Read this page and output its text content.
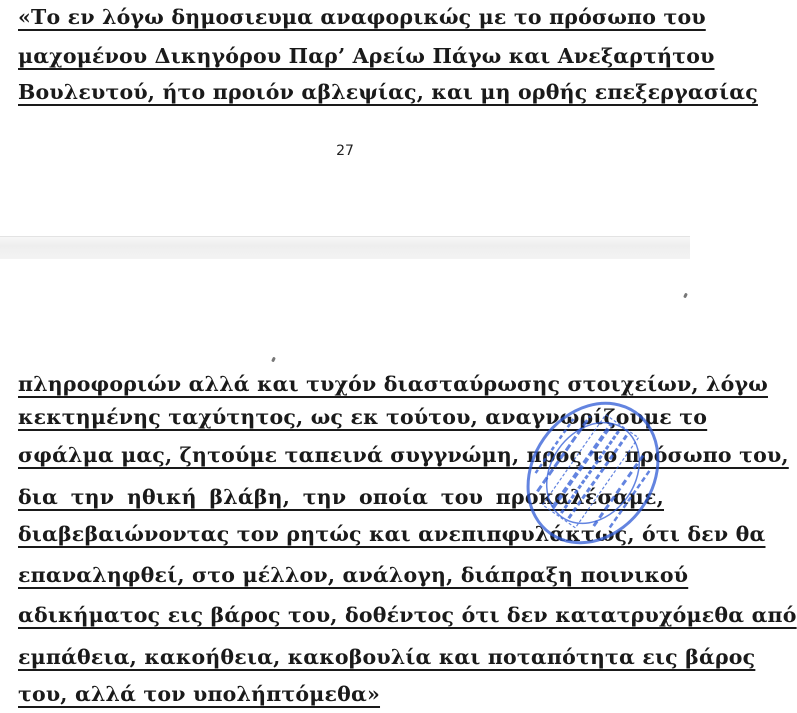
«Το εν λόγω δημοσιευμα αναφορικώς με το πρόσωπο του
μαχομένου Δικηγόρου Παρ’ Αρείω Πάγω και Ανεξαρτήτου
Βουλευτού, ήτο προιόν αβλεψίας, και μη ορθής επεξεργασίας
27
πληροφοριών αλλά και τυχόν διασταύρωσης στοιχείων, λόγω
κεκτημένης ταχύτητος, ως εκ τούτου, αναγνωρίζουμε το
σφάλμα μας, ζητούμε ταπεινά συγγνώμη, προς το πρόσωπο του,
δια την ηθική βλάβη, την οποία του προκαλέσαμε,
διαβεβαιώνοντας τον ρητώς και ανεπιπφυλάκτως, ότι δεν θα
επαναληφθεί, στο μέλλον, ανάλογη, διάπραξη ποινικού
αδικήματος εις βάρος του, δοθέντος ότι δεν κατατρυχόμεθα από
εμπάθεια, κακοήθεια, κακοβουλία και ποταπότητα εις βάρος
του, αλλά τον υπολήπτόμεθα»
